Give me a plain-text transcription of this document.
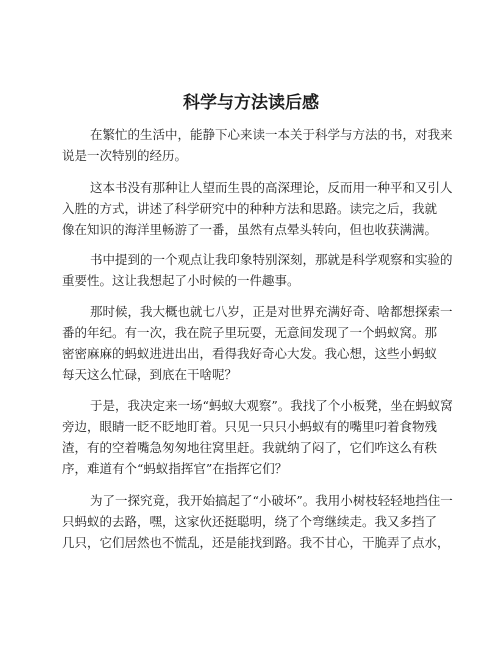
科学与方法读后感

在繁忙的生活中，能静下心来读一本关于科学与方法的书，对我来
说是一次特别的经历。

这本书没有那种让人望而生畏的高深理论，反而用一种平和又引人
入胜的方式，讲述了科学研究中的种种方法和思路。读完之后，我就
像在知识的海洋里畅游了一番，虽然有点晕头转向，但也收获满满。

书中提到的一个观点让我印象特别深刻，那就是科学观察和实验的
重要性。这让我想起了小时候的一件趣事。

那时候，我大概也就七八岁，正是对世界充满好奇、啥都想探索一
番的年纪。有一次，我在院子里玩耍，无意间发现了一个蚂蚁窝。那
密密麻麻的蚂蚁进进出出，看得我好奇心大发。我心想，这些小蚂蚁
每天这么忙碌，到底在干啥呢？

于是，我决定来一场“蚂蚁大观察”。我找了个小板凳，坐在蚂蚁窝
旁边，眼睛一眨不眨地盯着。只见一只只小蚂蚁有的嘴里叼着食物残
渣，有的空着嘴急匆匆地往窝里赶。我就纳了闷了，它们咋这么有秩
序，难道有个“蚂蚁指挥官”在指挥它们？

为了一探究竟，我开始搞起了“小破坏”。我用小树枝轻轻地挡住一
只蚂蚁的去路，嘿，这家伙还挺聪明，绕了个弯继续走。我又多挡了
几只，它们居然也不慌乱，还是能找到路。我不甘心，干脆弄了点水，
